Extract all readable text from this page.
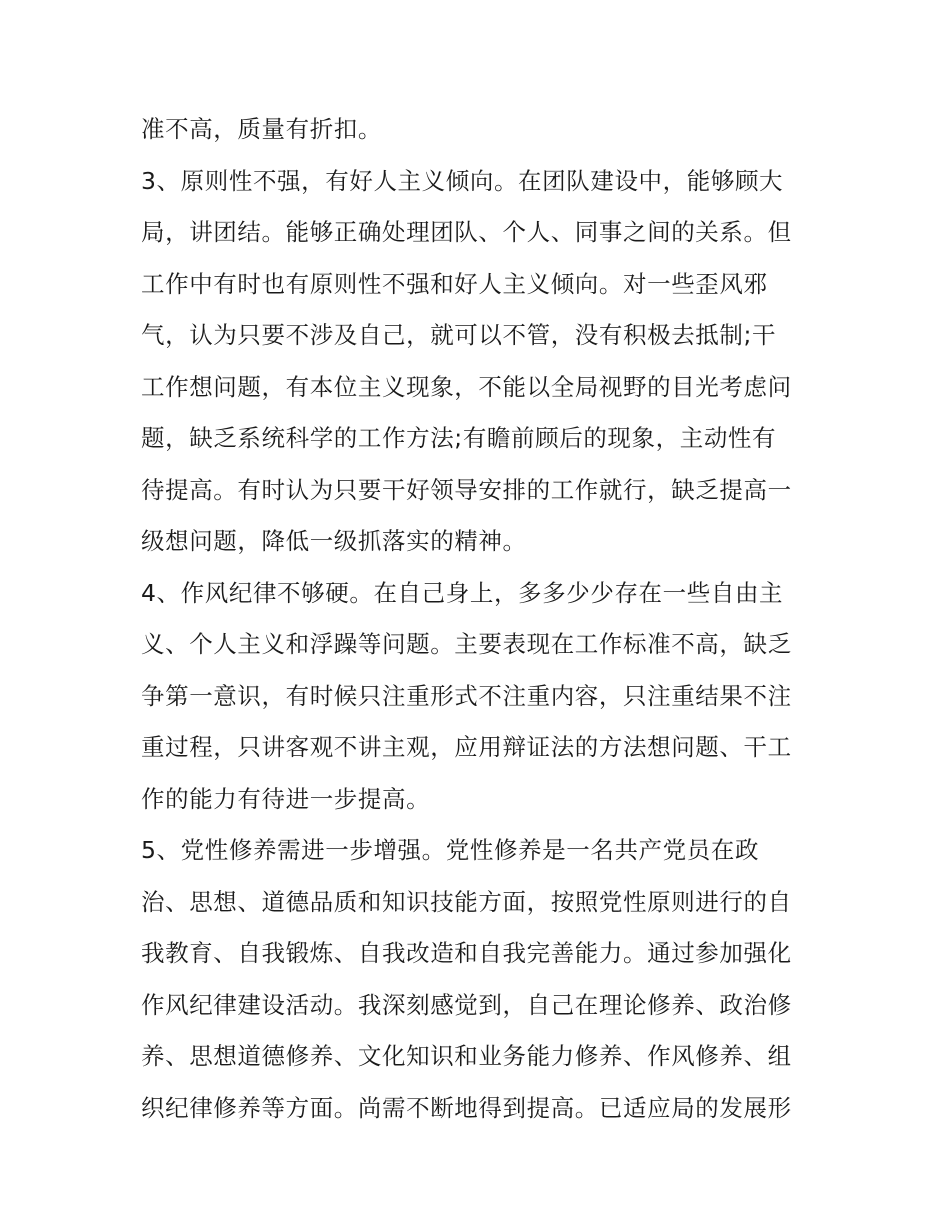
准不高，质量有折扣。
3、原则性不强，有好人主义倾向。在团队建设中，能够顾大
局，讲团结。能够正确处理团队、个人、同事之间的关系。但
工作中有时也有原则性不强和好人主义倾向。对一些歪风邪
气，认为只要不涉及自己，就可以不管，没有积极去抵制;干
工作想问题，有本位主义现象，不能以全局视野的目光考虑问
题，缺乏系统科学的工作方法;有瞻前顾后的现象，主动性有
待提高。有时认为只要干好领导安排的工作就行，缺乏提高一
级想问题，降低一级抓落实的精神。
4、作风纪律不够硬。在自己身上，多多少少存在一些自由主
义、个人主义和浮躁等问题。主要表现在工作标准不高，缺乏
争第一意识，有时候只注重形式不注重内容，只注重结果不注
重过程，只讲客观不讲主观，应用辩证法的方法想问题、干工
作的能力有待进一步提高。
5、党性修养需进一步增强。党性修养是一名共产党员在政
治、思想、道德品质和知识技能方面，按照党性原则进行的自
我教育、自我锻炼、自我改造和自我完善能力。通过参加强化
作风纪律建设活动。我深刻感觉到，自己在理论修养、政治修
养、思想道德修养、文化知识和业务能力修养、作风修养、组
织纪律修养等方面。尚需不断地得到提高。已适应局的发展形
